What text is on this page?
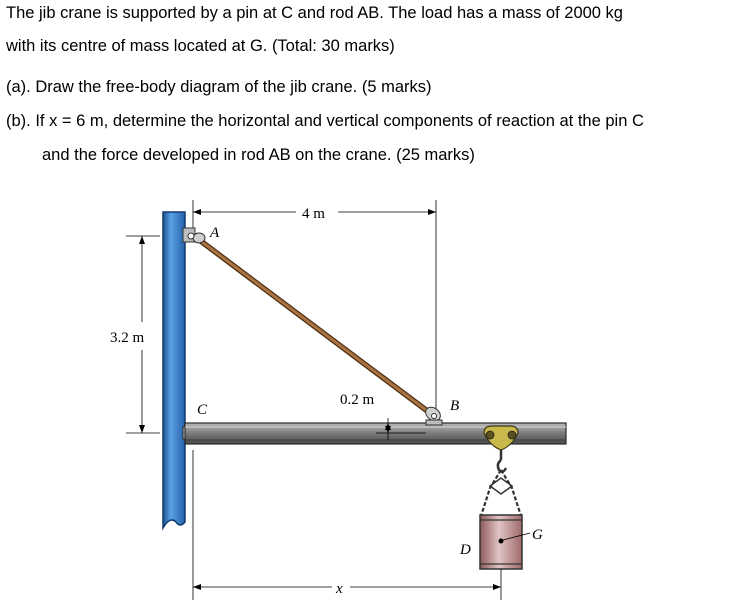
The jib crane is supported by a pin at C and rod AB. The load has a mass of 2000 kg
with its centre of mass located at G. (Total: 30 marks)
(a). Draw the free-body diagram of the jib crane. (5 marks)
(b). If x = 6 m, determine the horizontal and vertical components of reaction at the pin C
and the force developed in rod AB on the crane. (25 marks)
3.2 m
4 m
0.2 m
x
A
B
C
D
G
